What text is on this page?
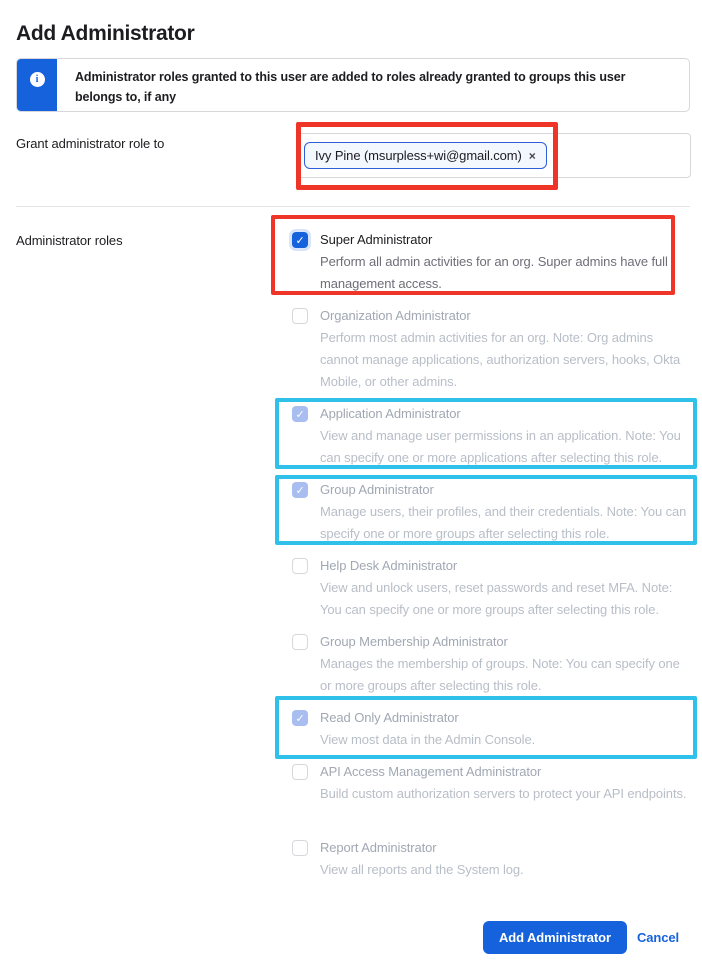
Add Administrator
i	Administrator roles granted to this user are added to roles already granted to groups this user belongs to, if any
Grant administrator role to
Ivy Pine (msurpless+wi@gmail.com) ×
Administrator roles	✓ Super Administrator
Perform all admin activities for an org. Super admins have full management access.
Organization Administrator
Perform most admin activities for an org. Note: Org admins cannot manage applications, authorization servers, hooks, Okta Mobile, or other admins.
✓ Application Administrator
View and manage user permissions in an application. Note: You can specify one or more applications after selecting this role.
✓ Group Administrator
Manage users, their profiles, and their credentials. Note: You can specify one or more groups after selecting this role.
Help Desk Administrator
View and unlock users, reset passwords and reset MFA. Note: You can specify one or more groups after selecting this role.
Group Membership Administrator
Manages the membership of groups. Note: You can specify one or more groups after selecting this role.
✓ Read Only Administrator
View most data in the Admin Console.
API Access Management Administrator
Build custom authorization servers to protect your API endpoints.
Report Administrator
View all reports and the System log.
Add Administrator	Cancel
